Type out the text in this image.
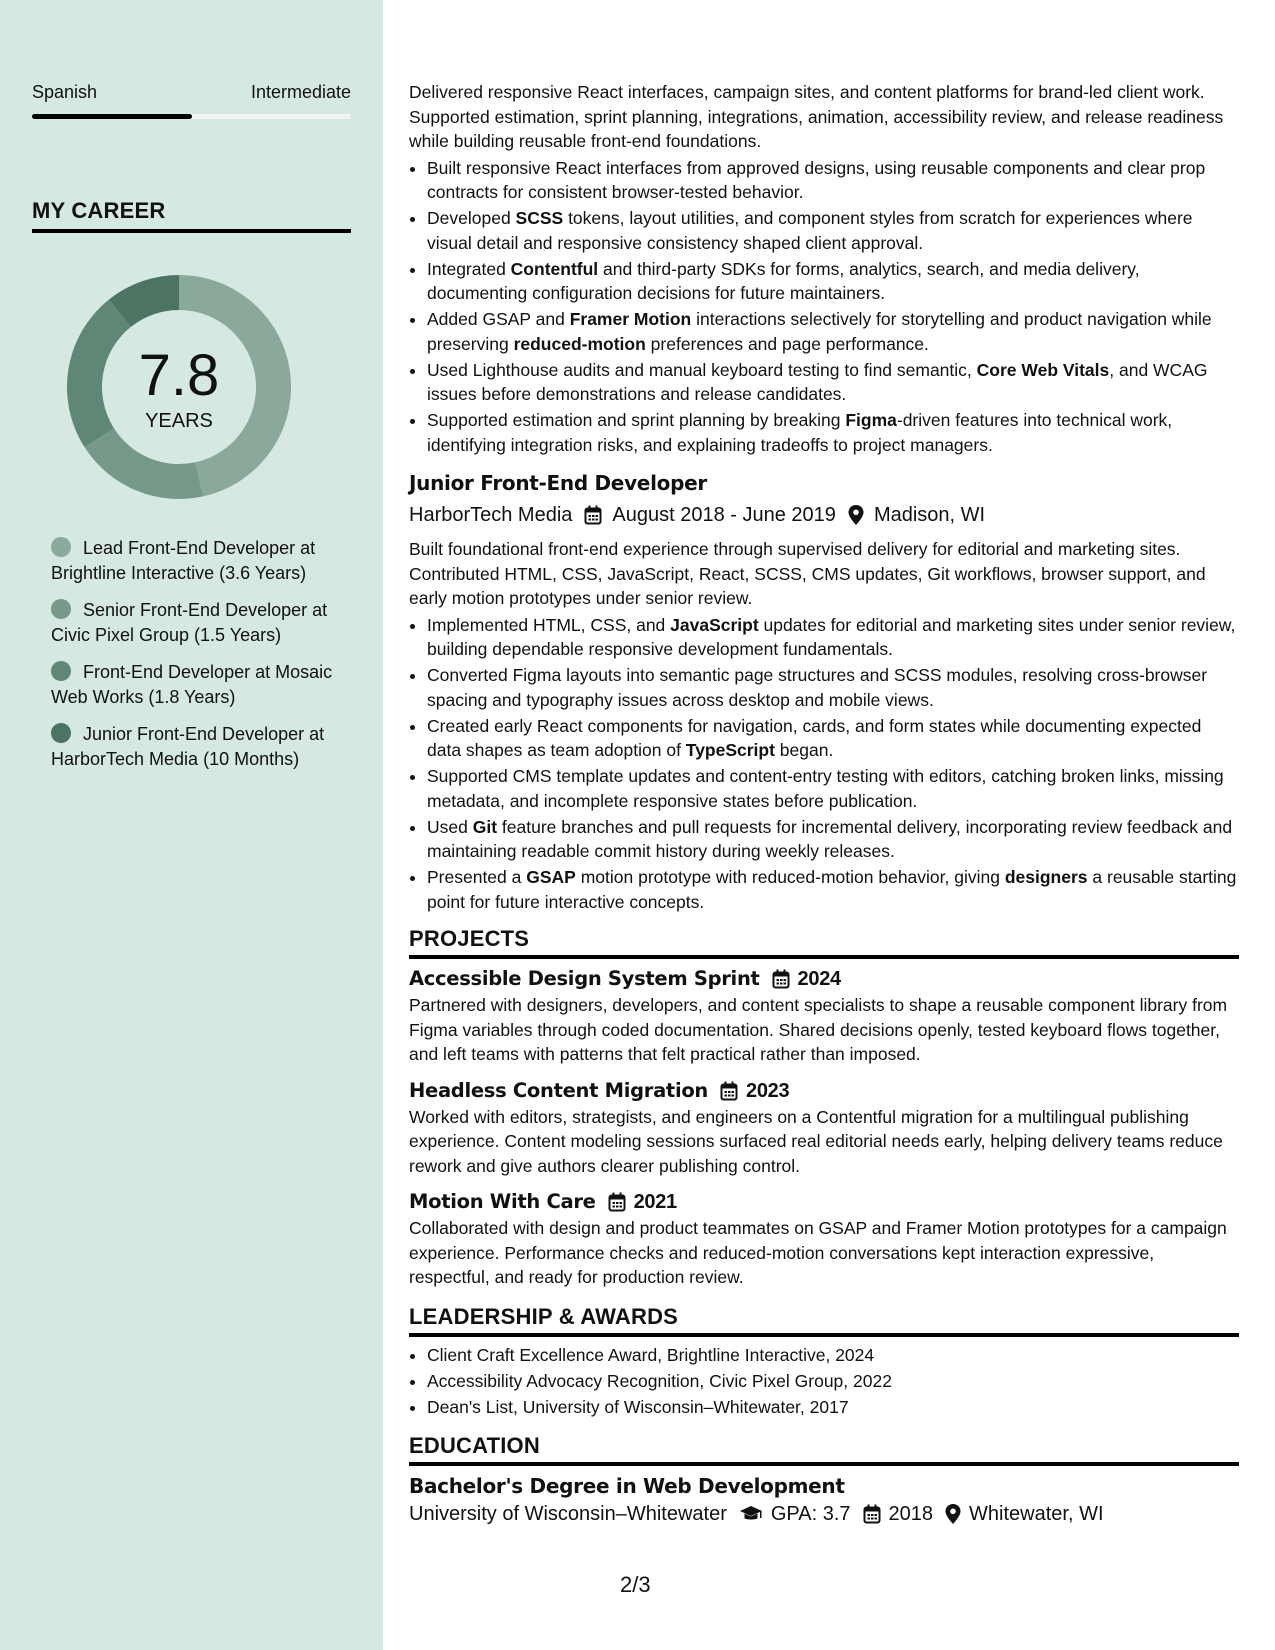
Spanish	Intermediate
MY CAREER
7.8
YEARS
Lead Front-End Developer at Brightline Interactive (3.6 Years)
Senior Front-End Developer at Civic Pixel Group (1.5 Years)
Front-End Developer at Mosaic Web Works (1.8 Years)
Junior Front-End Developer at HarborTech Media (10 Months)

Delivered responsive React interfaces, campaign sites, and content platforms for brand-led client work. Supported estimation, sprint planning, integrations, animation, accessibility review, and release readiness while building reusable front-end foundations.

• Built responsive React interfaces from approved designs, using reusable components and clear prop contracts for consistent browser-tested behavior.
• Developed SCSS tokens, layout utilities, and component styles from scratch for experiences where visual detail and responsive consistency shaped client approval.
• Integrated Contentful and third-party SDKs for forms, analytics, search, and media delivery, documenting configuration decisions for future maintainers.
• Added GSAP and Framer Motion interactions selectively for storytelling and product navigation while preserving reduced-motion preferences and page performance.
• Used Lighthouse audits and manual keyboard testing to find semantic, Core Web Vitals, and WCAG issues before demonstrations and release candidates.
• Supported estimation and sprint planning by breaking Figma-driven features into technical work, identifying integration risks, and explaining tradeoffs to project managers.
Junior Front-End Developer
HarborTech Media August 2018 - June 2019 Madison, WI

Built foundational front-end experience through supervised delivery for editorial and marketing sites. Contributed HTML, CSS, JavaScript, React, SCSS, CMS updates, Git workflows, browser support, and early motion prototypes under senior review.

• Implemented HTML, CSS, and JavaScript updates for editorial and marketing sites under senior review, building dependable responsive development fundamentals.
• Converted Figma layouts into semantic page structures and SCSS modules, resolving cross-browser spacing and typography issues across desktop and mobile views.
• Created early React components for navigation, cards, and form states while documenting expected data shapes as team adoption of TypeScript began.
• Supported CMS template updates and content-entry testing with editors, catching broken links, missing metadata, and incomplete responsive states before publication.
• Used Git feature branches and pull requests for incremental delivery, incorporating review feedback and maintaining readable commit history during weekly releases.
• Presented a GSAP motion prototype with reduced-motion behavior, giving designers a reusable starting point for future interactive concepts.
PROJECTS
Accessible Design System Sprint 2024

Partnered with designers, developers, and content specialists to shape a reusable component library from Figma variables through coded documentation. Shared decisions openly, tested keyboard flows together, and left teams with patterns that felt practical rather than imposed.

Headless Content Migration 2023

Worked with editors, strategists, and engineers on a Contentful migration for a multilingual publishing experience. Content modeling sessions surfaced real editorial needs early, helping delivery teams reduce rework and give authors clearer publishing control.

Motion With Care 2021

Collaborated with design and product teammates on GSAP and Framer Motion prototypes for a campaign experience. Performance checks and reduced-motion conversations kept interaction expressive, respectful, and ready for production review.

LEADERSHIP & AWARDS
• Client Craft Excellence Award, Brightline Interactive, 2024
• Accessibility Advocacy Recognition, Civic Pixel Group, 2022
• Dean's List, University of Wisconsin–Whitewater, 2017
EDUCATION
Bachelor's Degree in Web Development
University of Wisconsin–Whitewater GPA: 3.7 2018 Whitewater, WI
2/3
